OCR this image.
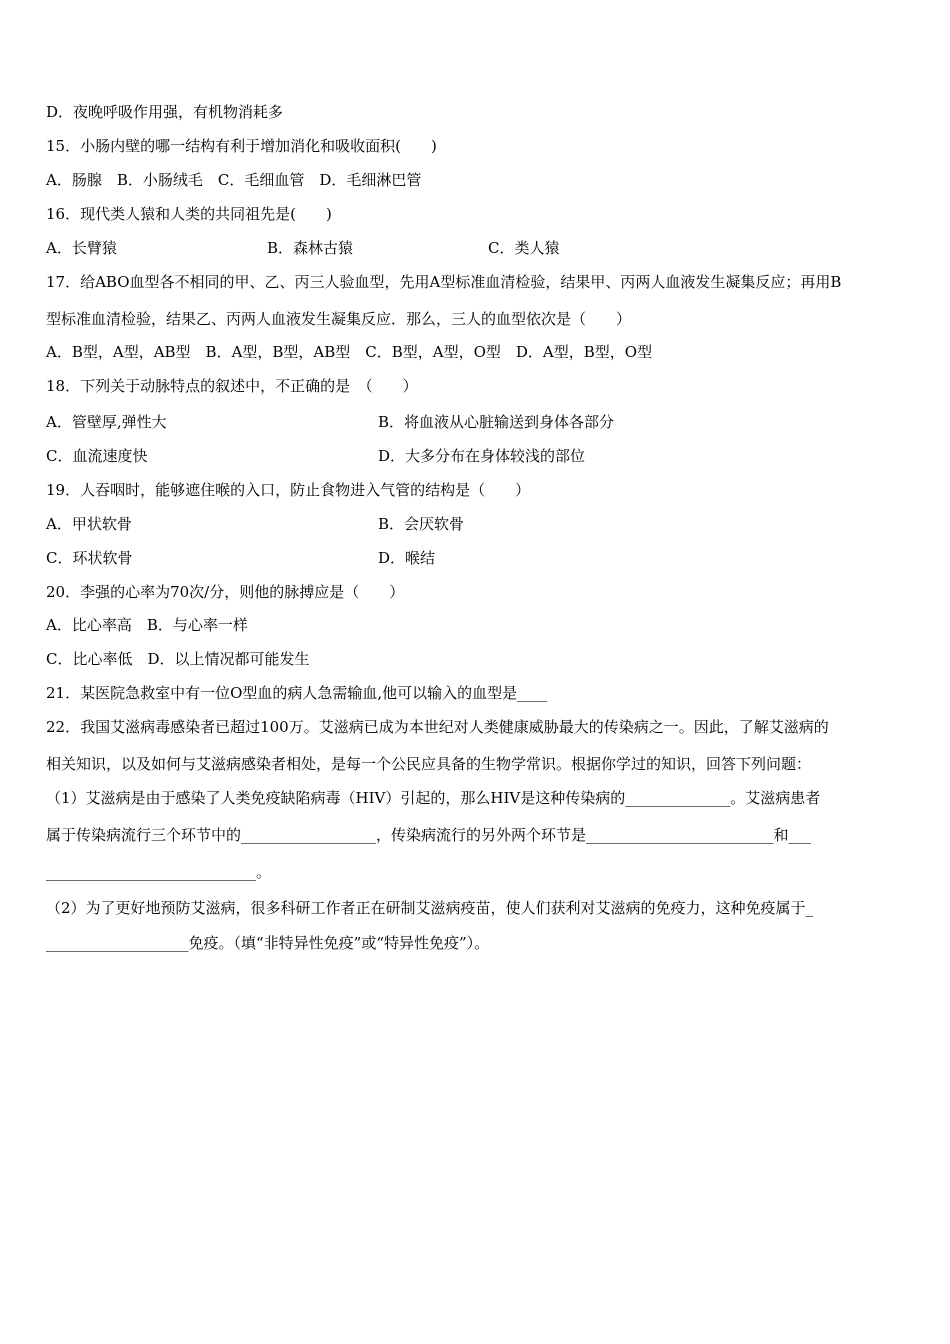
D．夜晚呼吸作用强，有机物消耗多
15．小肠内壁的哪一结构有利于增加消化和吸收面积(　　)
A．肠腺　B．小肠绒毛　C．毛细血管　D．毛细淋巴管
16．现代类人猿和人类的共同祖先是(　　)
A．长臂猿	B．森林古猿	C．类人猿
17．给ABO血型各不相同的甲、乙、丙三人验血型，先用A型标准血清检验，结果甲、丙两人血液发生凝集反应；再用B
型标准血清检验，结果乙、丙两人血液发生凝集反应．那么，三人的血型依次是（　　）
A．B型，A型，AB型　B．A型，B型，AB型　C．B型，A型，O型　D．A型，B型，O型
18．下列关于动脉特点的叙述中，不正确的是　（　　）
A．管壁厚,弹性大	B．将血液从心脏输送到身体各部分
C．血流速度快	D．大多分布在身体较浅的部位
19．人吞咽时，能够遮住喉的入口，防止食物进入气管的结构是（　　）
A．甲状软骨	B．会厌软骨
C．环状软骨	D．喉结
20．李强的心率为70次/分，则他的脉搏应是（　　）
A．比心率高　B．与心率一样
C．比心率低　D．以上情况都可能发生
21．某医院急救室中有一位O型血的病人急需输血,他可以输入的血型是____
22．我国艾滋病毒感染者已超过100万。艾滋病已成为本世纪对人类健康威胁最大的传染病之一。因此，了解艾滋病的
相关知识，以及如何与艾滋病感染者相处，是每一个公民应具备的生物学常识。根据你学过的知识，回答下列问题：
（1）艾滋病是由于感染了人类免疫缺陷病毒（HIV）引起的，那么HIV是这种传染病的______________。艾滋病患者
属于传染病流行三个环节中的__________________，传染病流行的另外两个环节是_________________________和___
____________________________。
（2）为了更好地预防艾滋病，很多科研工作者正在研制艾滋病疫苗，使人们获利对艾滋病的免疫力，这种免疫属于_
___________________免疫。（填“非特异性免疫”或“特异性免疫”）。
